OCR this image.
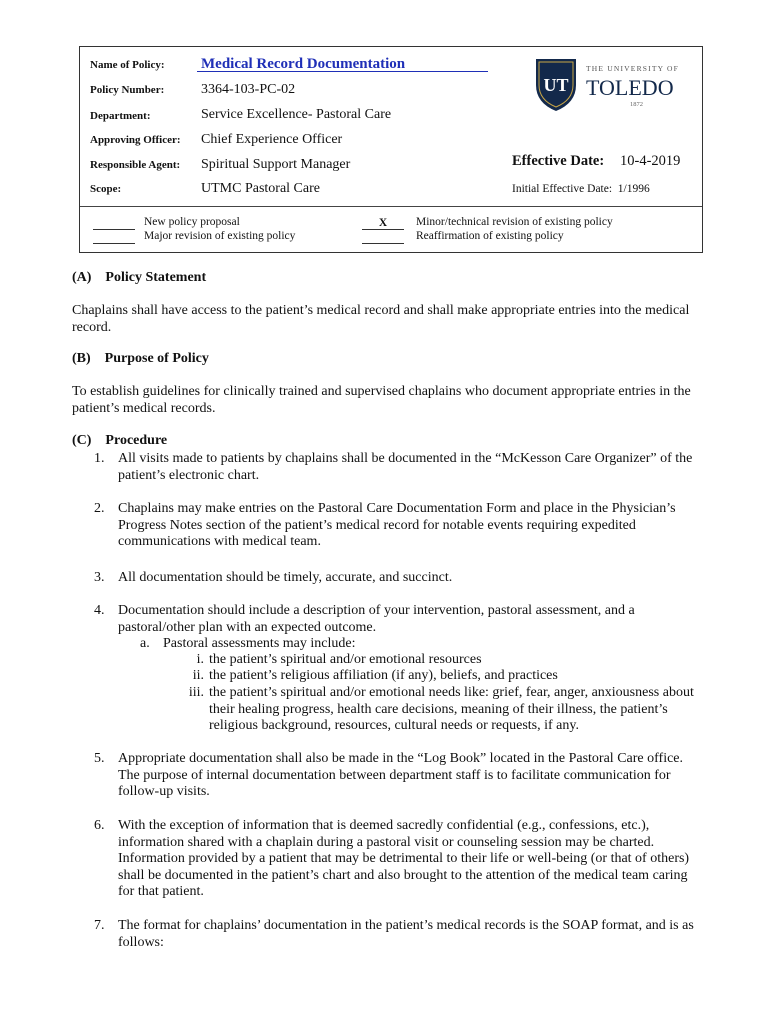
Name of Policy:
Policy Number:
Department:
Approving Officer:
Responsible Agent:
Scope:
Medical Record Documentation
3364-103-PC-02
Service Excellence- Pastoral Care
Chief Experience Officer
Spiritual Support Manager
UTMC Pastoral Care
UT
THE UNIVERSITY OF
TOLEDO
1872
Effective Date: 10-4-2019
Initial Effective Date: 1/1996
New policy proposal
Major revision of existing policy
X	Minor/technical revision of existing policy
Reaffirmation of existing policy
(A)    Policy Statement
Chaplains shall have access to the patient’s medical record and shall make appropriate entries into the medical record.
(B)    Purpose of Policy
To establish guidelines for clinically trained and supervised chaplains who document appropriate entries in the patient’s medical records.
(C)    Procedure
1. All visits made to patients by chaplains shall be documented in the “McKesson Care Organizer” of the patient’s electronic chart.
2. Chaplains may make entries on the Pastoral Care Documentation Form and place in the Physician’s Progress Notes section of the patient’s medical record for notable events requiring expedited communications with medical team.
3. All documentation should be timely, accurate, and succinct.
4. Documentation should include a description of your intervention, pastoral assessment, and a pastoral/other plan with an expected outcome.
a. Pastoral assessments may include:
i. the patient’s spiritual and/or emotional resources
ii. the patient’s religious affiliation (if any), beliefs, and practices
iii. the patient’s spiritual and/or emotional needs like: grief, fear, anger, anxiousness about their healing progress, health care decisions, meaning of their illness, the patient’s religious background, resources, cultural needs or requests, if any.
5. Appropriate documentation shall also be made in the “Log Book” located in the Pastoral Care office. The purpose of internal documentation between department staff is to facilitate communication for follow-up visits.
6. With the exception of information that is deemed sacredly confidential (e.g., confessions, etc.), information shared with a chaplain during a pastoral visit or counseling session may be charted. Information provided by a patient that may be detrimental to their life or well-being (or that of others) shall be documented in the patient’s chart and also brought to the attention of the medical team caring for that patient.
7. The format for chaplains’ documentation in the patient’s medical records is the SOAP format, and is as follows:
